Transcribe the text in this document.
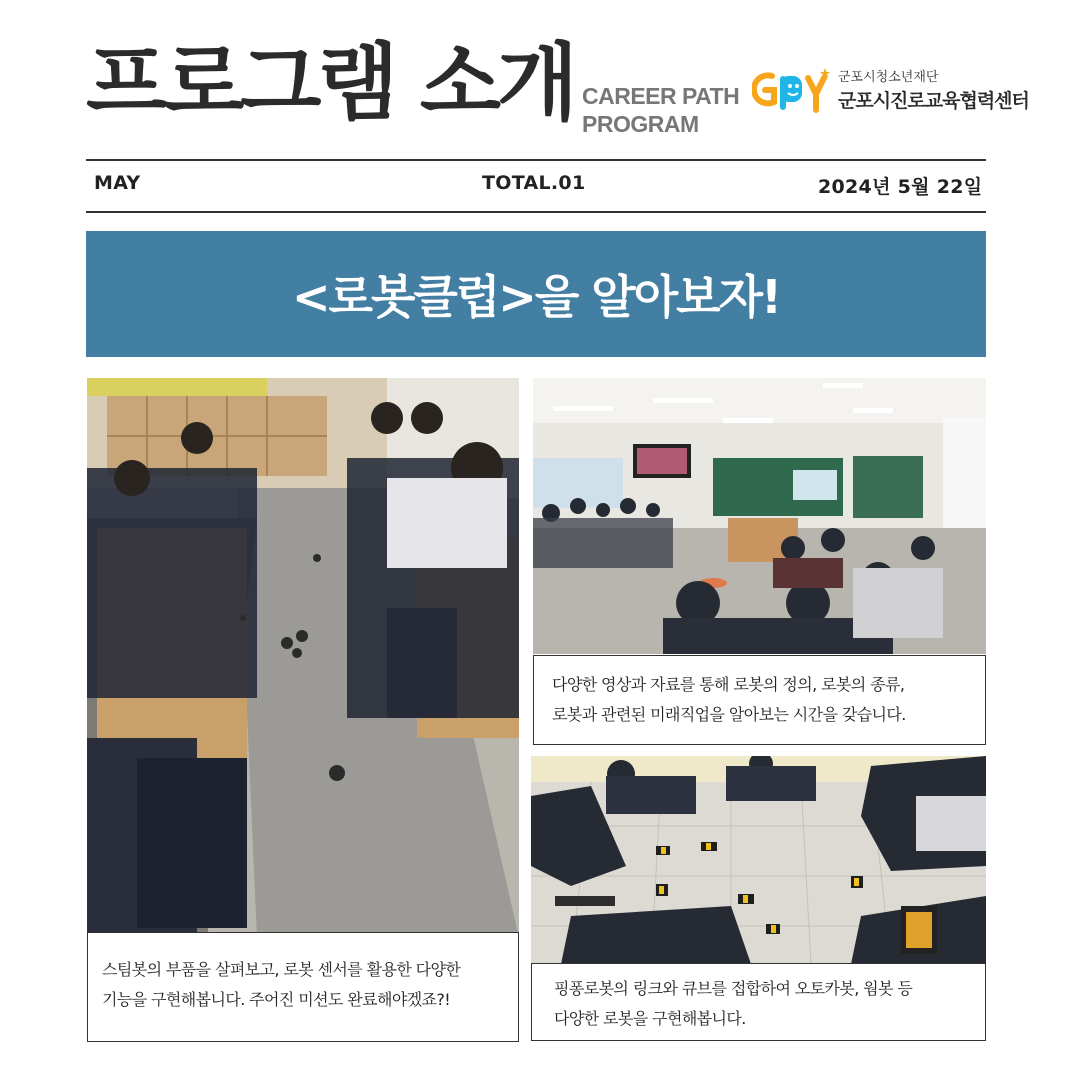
프로그램 소개 CAREER PATH
PROGRAM
군포시청소년재단
군포시진로교육협력센터
MAY	TOTAL.01	2024년 5월 22일
<로봇클럽>을 알아보자!
스팀봇의 부품을 살펴보고, 로봇 센서를 활용한 다양한
기능을 구현해봅니다. 주어진 미션도 완료해야겠죠?!
다양한 영상과 자료를 통해 로봇의 정의, 로봇의 종류,
로봇과 관련된 미래직업을 알아보는 시간을 갖습니다.
핑퐁로봇의 링크와 큐브를 접합하여 오토카봇, 웜봇 등
다양한 로봇을 구현해봅니다.
